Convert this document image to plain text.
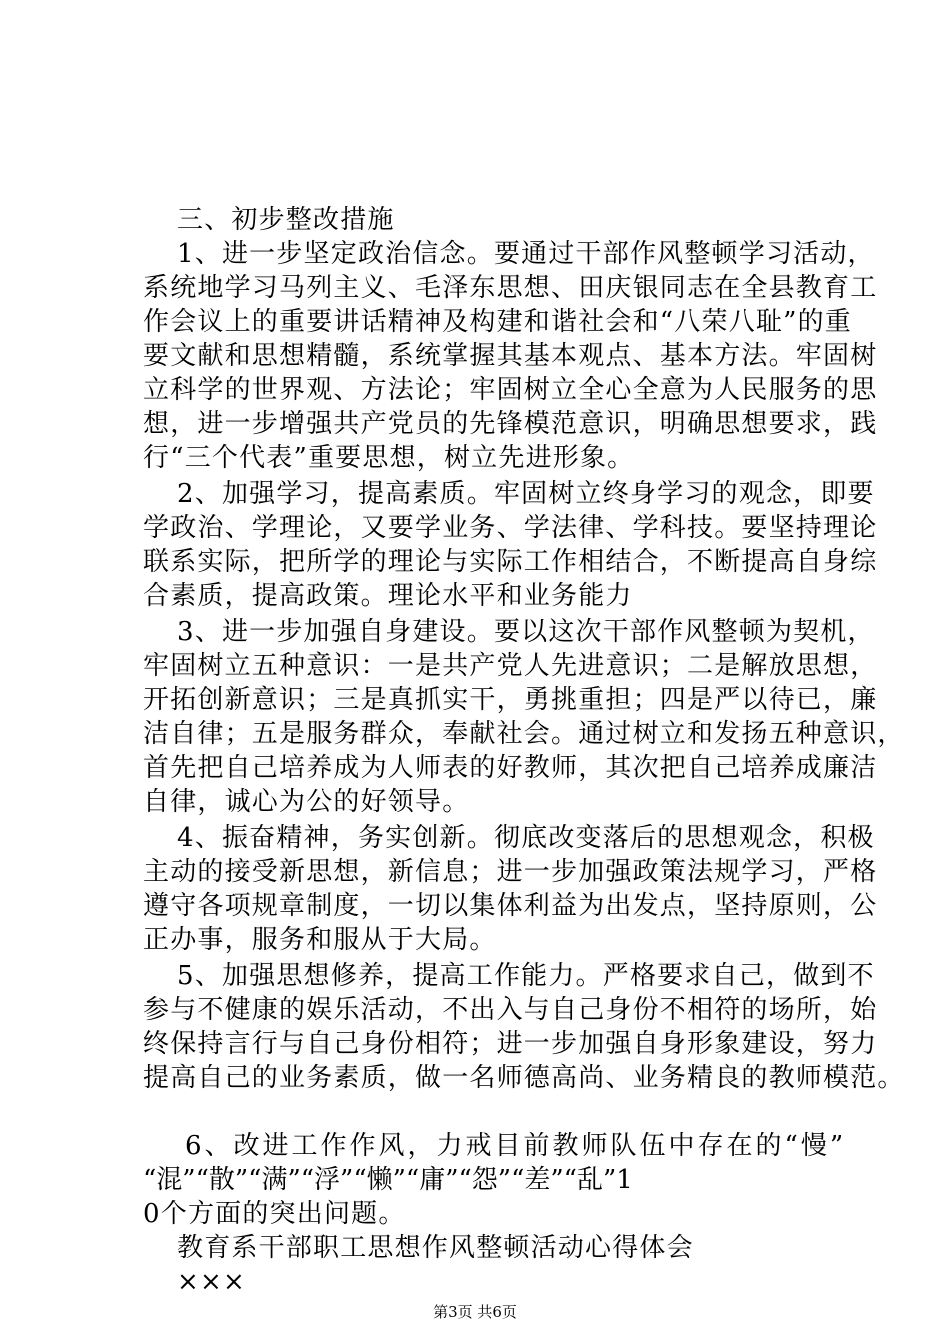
三、初步整改措施
1、进一步坚定政治信念。要通过干部作风整顿学习活动，
系统地学习马列主义、毛泽东思想、田庆银同志在全县教育工
作会议上的重要讲话精神及构建和谐社会和“八荣八耻”的重
要文献和思想精髓，系统掌握其基本观点、基本方法。牢固树
立科学的世界观、方法论；牢固树立全心全意为人民服务的思
想，进一步增强共产党员的先锋模范意识，明确思想要求，践
行“三个代表”重要思想，树立先进形象。
2、加强学习，提高素质。牢固树立终身学习的观念，即要
学政治、学理论，又要学业务、学法律、学科技。要坚持理论
联系实际，把所学的理论与实际工作相结合，不断提高自身综
合素质，提高政策。理论水平和业务能力
3、进一步加强自身建设。要以这次干部作风整顿为契机，
牢固树立五种意识：一是共产党人先进意识；二是解放思想，
开拓创新意识；三是真抓实干，勇挑重担；四是严以待已，廉
洁自律；五是服务群众，奉献社会。通过树立和发扬五种意识，
首先把自己培养成为人师表的好教师，其次把自己培养成廉洁
自律，诚心为公的好领导。
4、振奋精神，务实创新。彻底改变落后的思想观念，积极
主动的接受新思想，新信息；进一步加强政策法规学习，严格
遵守各项规章制度，一切以集体利益为出发点，坚持原则，公
正办事，服务和服从于大局。
5、加强思想修养，提高工作能力。严格要求自己，做到不
参与不健康的娱乐活动，不出入与自己身份不相符的场所，始
终保持言行与自己身份相符；进一步加强自身形象建设，努力
提高自己的业务素质，做一名师德高尚、业务精良的教师模范。
6、改进工作作风，力戒目前教师队伍中存在的“慢”
“混”“散”“满”“浮”“懒”“庸”“怨”“差”“乱”1
0个方面的突出问题。
教育系干部职工思想作风整顿活动心得体会
×××
第3页 共6页
